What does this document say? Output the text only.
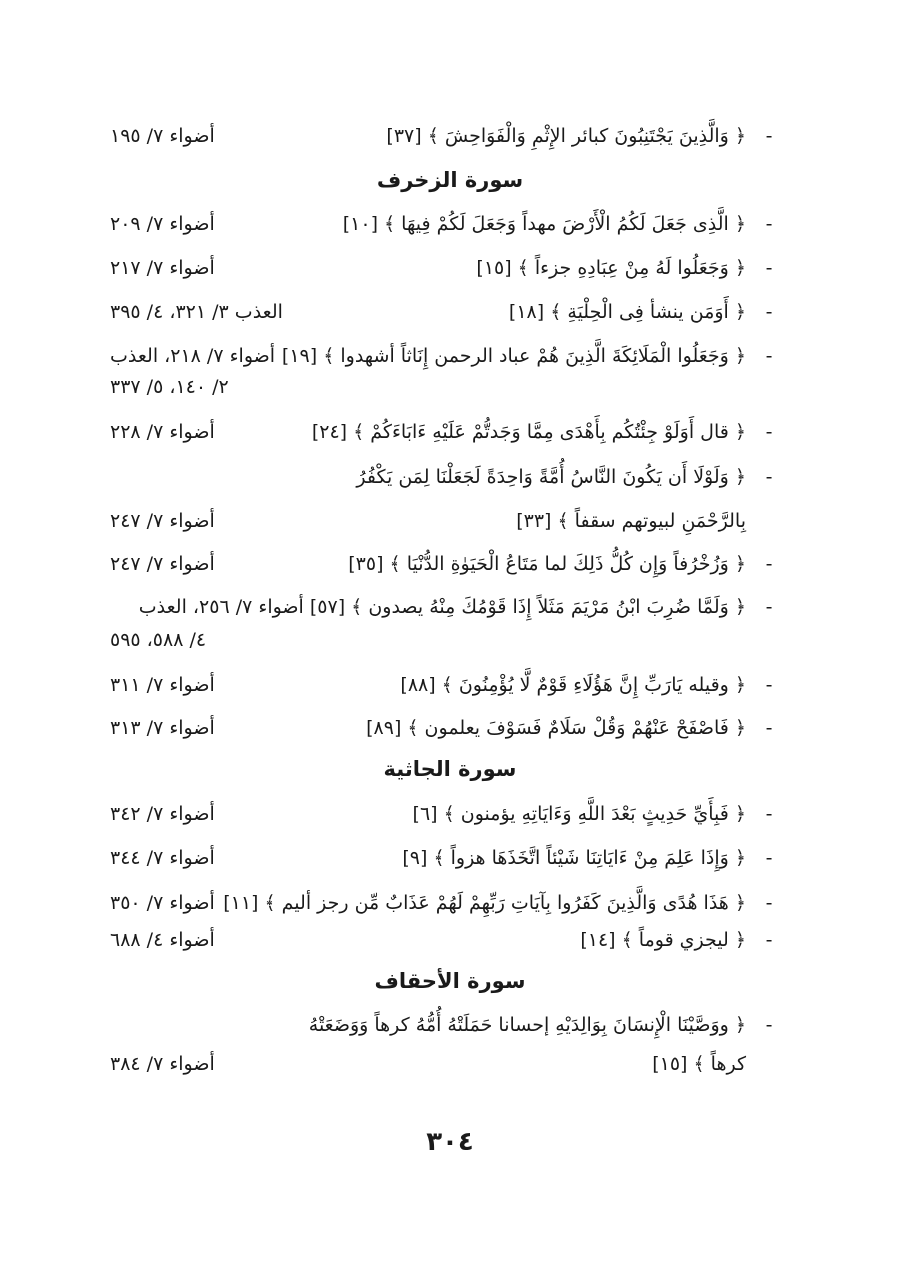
-
﴿ وَالَّذِينَ يَجْتَنِبُونَ كبائر الإِثْمِ وَالْفَوَاحِشَ ﴾ [٣٧]
أضواء ٧/ ١٩٥
سورة الزخرف
-
﴿ الَّذِى جَعَلَ لَكُمُ الْأَرْضَ مهداً وَجَعَلَ لَكُمْ فِيهَا ﴾ [١٠]
أضواء ٧/ ٢٠٩
-
﴿ وَجَعَلُوا لَهُ مِنْ عِبَادِهِ جزءاً ﴾ [١٥]
أضواء ٧/ ٢١٧
-
﴿ أَوَمَن ينشأ فِى الْحِلْيَةِ ﴾ [١٨]
العذب ٣/ ٣٢١، ٤/ ٣٩٥
-
﴿ وَجَعَلُوا الْمَلَائِكَةَ الَّذِينَ هُمْ عباد الرحمن إِنَاثاً أشهدوا ﴾ [١٩]
أضواء ٧/ ٢١٨، العذب
٢/ ١٤٠، ٥/ ٣٣٧
-
﴿ قال أَوَلَوْ جِئْتُكُم بِأَهْدَى مِمَّا وَجَدتُّمْ عَلَيْهِ ءَابَاءَكُمْ ﴾ [٢٤]
أضواء ٧/ ٢٢٨
-
﴿ وَلَوْلَا أَن يَكُونَ النَّاسُ أُمَّةً وَاحِدَةً لَجَعَلْنَا لِمَن يَكْفُرُ
بِالرَّحْمَنِ لبيوتهم سقفاً ﴾ [٣٣]
أضواء ٧/ ٢٤٧
-
﴿ وَزُخْرُفاً وَإِن كُلُّ ذَلِكَ لما مَتَاعُ الْحَيَوٰةِ الدُّنْيَا ﴾ [٣٥]
أضواء ٧/ ٢٤٧
-
﴿ وَلَمَّا ضُرِبَ ابْنُ مَرْيَمَ مَثَلاً إِذَا قَوْمُكَ مِنْهُ يصدون ﴾ [٥٧] أضواء ٧/ ٢٥٦، العذب
٤/ ٥٨٨، ٥٩٥
-
﴿ وقيله يَارَبِّ إِنَّ هَؤُلَاءِ قَوْمٌ لَّا يُؤْمِنُونَ ﴾ [٨٨]
أضواء ٧/ ٣١١
-
﴿ فَاصْفَحْ عَنْهُمْ وَقُلْ سَلَامٌ فَسَوْفَ يعلمون ﴾ [٨٩]
أضواء ٧/ ٣١٣
سورة الجاثية
-
﴿ فَبِأَيِّ حَدِيثٍ بَعْدَ اللَّهِ وَءَايَاتِهِ يؤمنون ﴾ [٦]
أضواء ٧/ ٣٤٢
-
﴿ وَإِذَا عَلِمَ مِنْ ءَايَاتِنَا شَيْئاً اتَّخَذَهَا هزواً ﴾ [٩]
أضواء ٧/ ٣٤٤
-
﴿ هَذَا هُدًى وَالَّذِينَ كَفَرُوا بِآيَاتِ رَبِّهِمْ لَهُمْ عَذَابٌ مِّن رجز أليم ﴾ [١١]
أضواء ٧/ ٣٥٠
-
﴿ ليجزي قوماً ﴾ [١٤]
أضواء ٤/ ٦٨٨
سورة الأحقاف
-
﴿ ووَصَّيْنَا الْإِنسَانَ بِوَالِدَيْهِ إحسانا حَمَلَتْهُ أُمُّهُ كرهاً وَوَضَعَتْهُ
كرهاً ﴾ [١٥]
أضواء ٧/ ٣٨٤
٣٠٤
